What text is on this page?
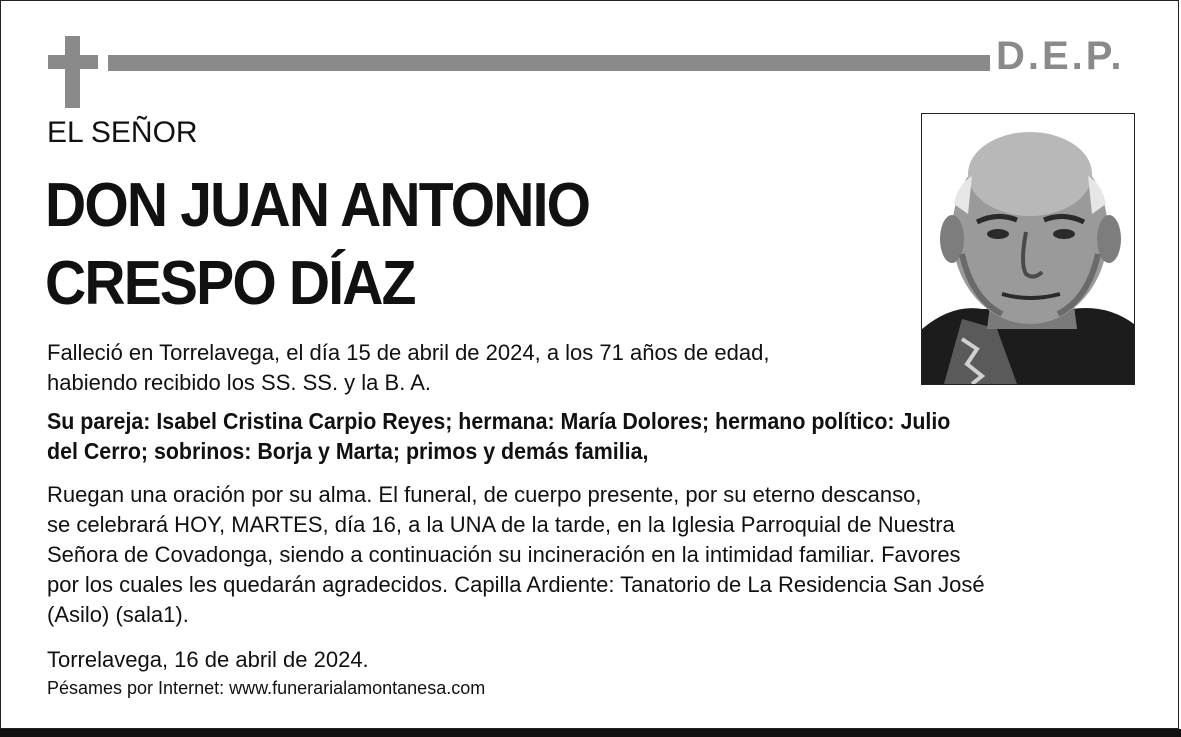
D.E.P.
EL SEÑOR
DON JUAN ANTONIO
CRESPO DÍAZ
Falleció en Torrelavega, el día 15 de abril de 2024, a los 71 años de edad,
habiendo recibido los SS. SS. y la B. A.
Su pareja: Isabel Cristina Carpio Reyes; hermana: María Dolores; hermano político: Julio
del Cerro; sobrinos: Borja y Marta; primos y demás familia,
Ruegan una oración por su alma. El funeral, de cuerpo presente, por su eterno descanso,
se celebrará HOY, MARTES, día 16, a la UNA de la tarde, en la Iglesia Parroquial de Nuestra
Señora de Covadonga, siendo a continuación su incineración en la intimidad familiar. Favores
por los cuales les quedarán agradecidos. Capilla Ardiente: Tanatorio de La Residencia San José
(Asilo) (sala1).
Torrelavega, 16 de abril de 2024.
Pésames por Internet: www.funerarialamontanesa.com
